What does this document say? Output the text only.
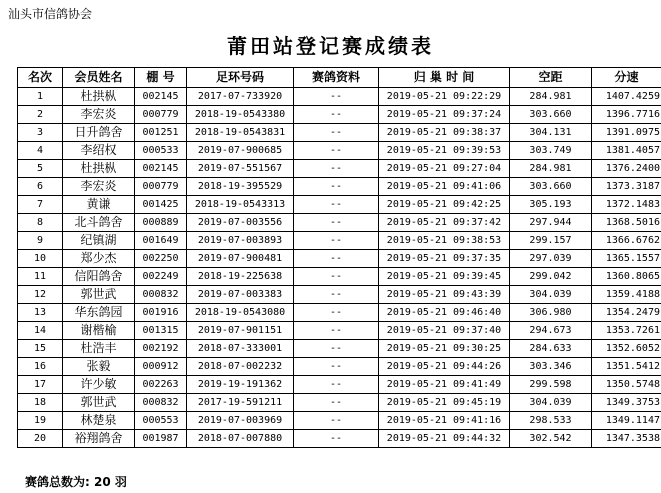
汕头市信鸽协会
莆田站登记赛成绩表
名次	会员姓名	棚 号	足环号码	赛鸽资料	归 巢 时 间	空距	分速
1	杜拱枞	002145	2017-07-733920	--	2019-05-21 09:22:29	284.981	1407.4259
2	李宏炎	000779	2018-19-0543380	--	2019-05-21 09:37:24	303.660	1396.7716
3	日升鸽舍	001251	2018-19-0543831	--	2019-05-21 09:38:37	304.131	1391.0975
4	李绍权	000533	2019-07-900685	--	2019-05-21 09:39:53	303.749	1381.4057
5	杜拱枞	002145	2019-07-551567	--	2019-05-21 09:27:04	284.981	1376.2400
6	李宏炎	000779	2018-19-395529	--	2019-05-21 09:41:06	303.660	1373.3187
7	黄谦	001425	2018-19-0543313	--	2019-05-21 09:42:25	305.193	1372.1483
8	北斗鸽舍	000889	2019-07-003556	--	2019-05-21 09:37:42	297.944	1368.5016
9	纪镇湖	001649	2019-07-003893	--	2019-05-21 09:38:53	299.157	1366.6762
10	郑少杰	002250	2019-07-900481	--	2019-05-21 09:37:35	297.039	1365.1557
11	信阳鸽舍	002249	2018-19-225638	--	2019-05-21 09:39:45	299.042	1360.8065
12	郭世武	000832	2019-07-003383	--	2019-05-21 09:43:39	304.039	1359.4188
13	华东鸽园	001916	2018-19-0543080	--	2019-05-21 09:46:40	306.980	1354.2479
14	谢楷榆	001315	2019-07-901151	--	2019-05-21 09:37:40	294.673	1353.7261
15	杜浩丰	002192	2018-07-333001	--	2019-05-21 09:30:25	284.633	1352.6052
16	张毅	000912	2018-07-002232	--	2019-05-21 09:44:26	303.346	1351.5412
17	许少敏	002263	2019-19-191362	--	2019-05-21 09:41:49	299.598	1350.5748
18	郭世武	000832	2017-19-591211	--	2019-05-21 09:45:19	304.039	1349.3753
19	林楚泉	000553	2019-07-003969	--	2019-05-21 09:41:16	298.533	1349.1147
20	裕翔鸽舍	001987	2018-07-007880	--	2019-05-21 09:44:32	302.542	1347.3538
赛鸽总数为: 20 羽
